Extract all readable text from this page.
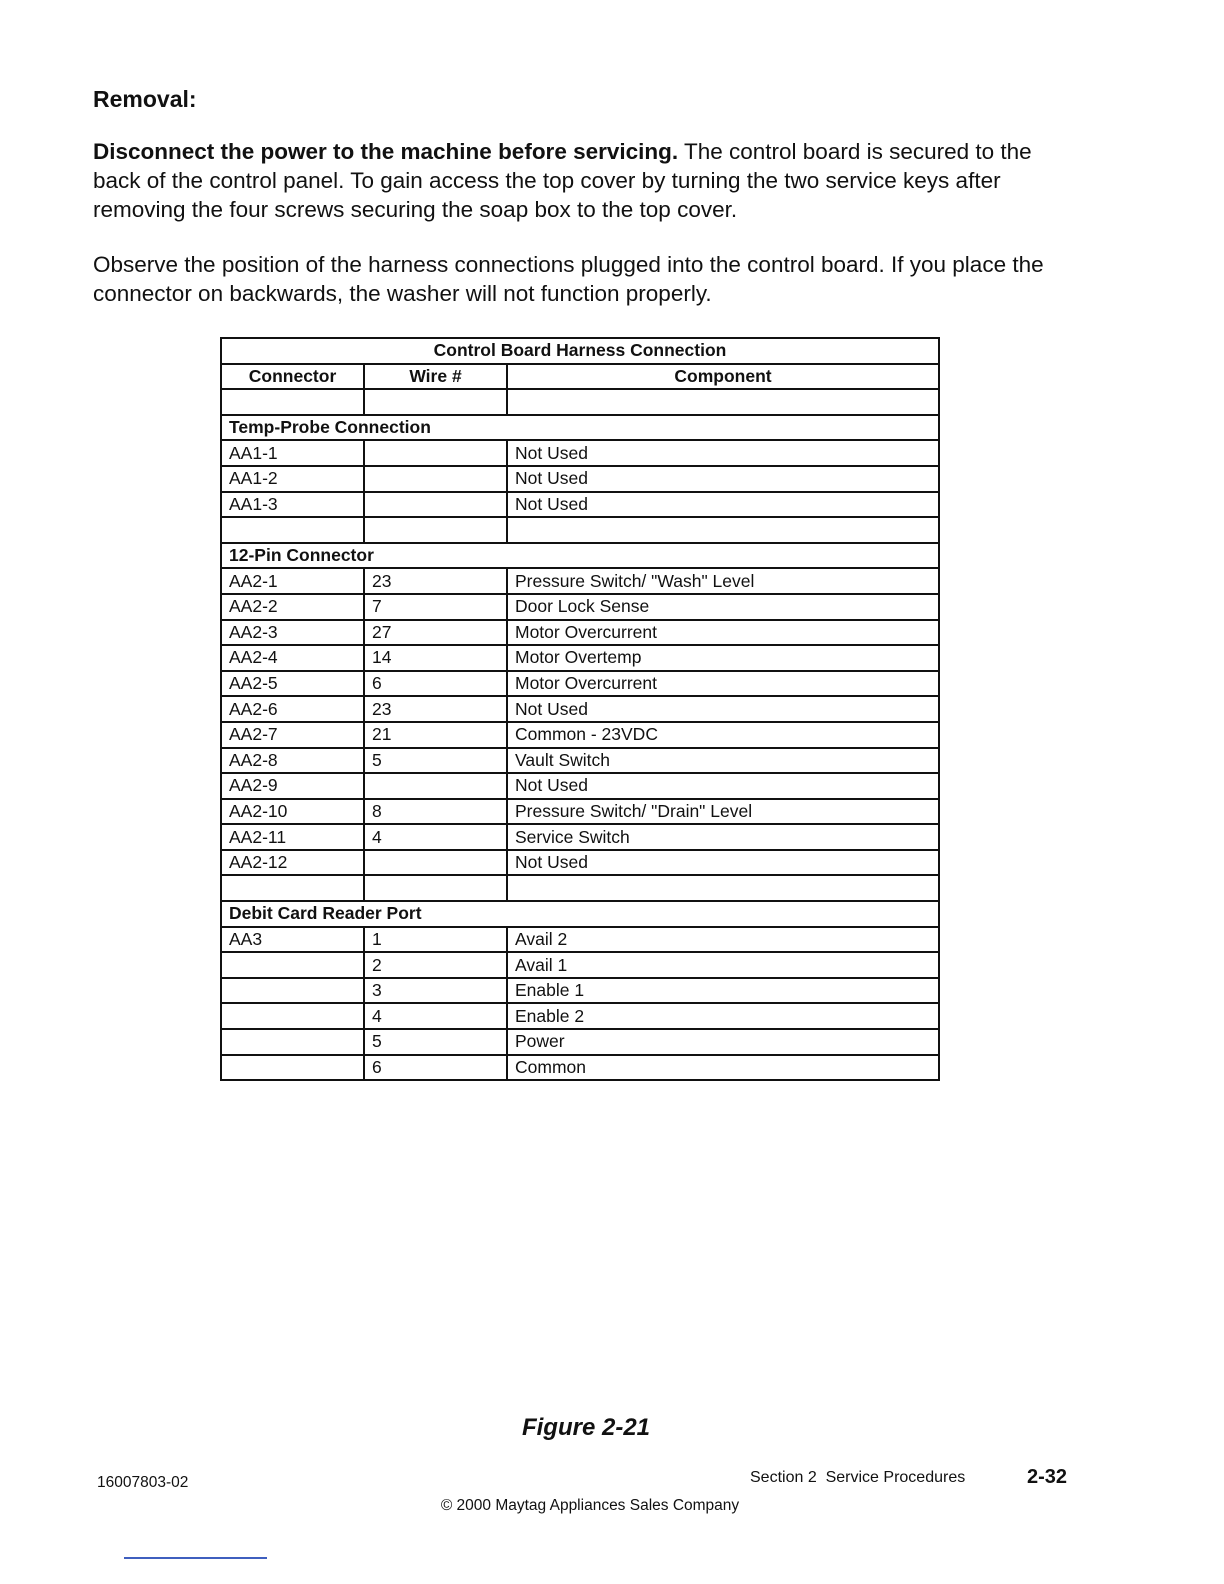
Removal:

Disconnect the power to the machine before servicing. The control board is secured to the back of the control panel. To gain access the top cover by turning the two service keys after removing the four screws securing the soap box to the top cover.

Observe the position of the harness connections plugged into the control board. If you place the connector on backwards, the washer will not function properly.

Control Board Harness Connection		
Connector	Wire #	Component

Temp-Probe Connection		
AA1-1		Not Used
AA1-2		Not Used
AA1-3		Not Used

12-Pin Connector		
AA2-1	23	Pressure Switch/ "Wash" Level
AA2-2	7	Door Lock Sense
AA2-3	27	Motor Overcurrent
AA2-4	14	Motor Overtemp
AA2-5	6	Motor Overcurrent
AA2-6	23	Not Used
AA2-7	21	Common - 23VDC
AA2-8	5	Vault Switch
AA2-9		Not Used
AA2-10	8	Pressure Switch/ "Drain" Level
AA2-11	4	Service Switch
AA2-12		Not Used

Debit Card Reader Port		
AA3	1	Avail 2
	2	Avail 1
	3	Enable 1
	4	Enable 2
	5	Power
	6	Common
Figure 2-21
16007803-02	Section 2  Service Procedures	2-32
© 2000 Maytag Appliances Sales Company
